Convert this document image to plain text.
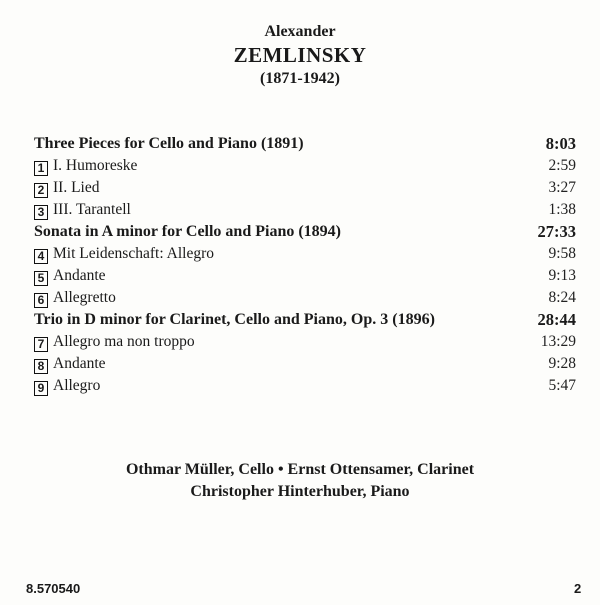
Alexander
ZEMLINSKY
(1871-1942)
Three Pieces for Cello and Piano (1891)	8:03
1 I. Humoreske	2:59
2 II. Lied	3:27
3 III. Tarantell	1:38
Sonata in A minor for Cello and Piano (1894)	27:33
4 Mit Leidenschaft: Allegro	9:58
5 Andante	9:13
6 Allegretto	8:24
Trio in D minor for Clarinet, Cello and Piano, Op. 3 (1896)	28:44
7 Allegro ma non troppo	13:29
8 Andante	9:28
9 Allegro	5:47
Othmar Müller, Cello • Ernst Ottensamer, Clarinet
Christopher Hinterhuber, Piano
8.570540	2
